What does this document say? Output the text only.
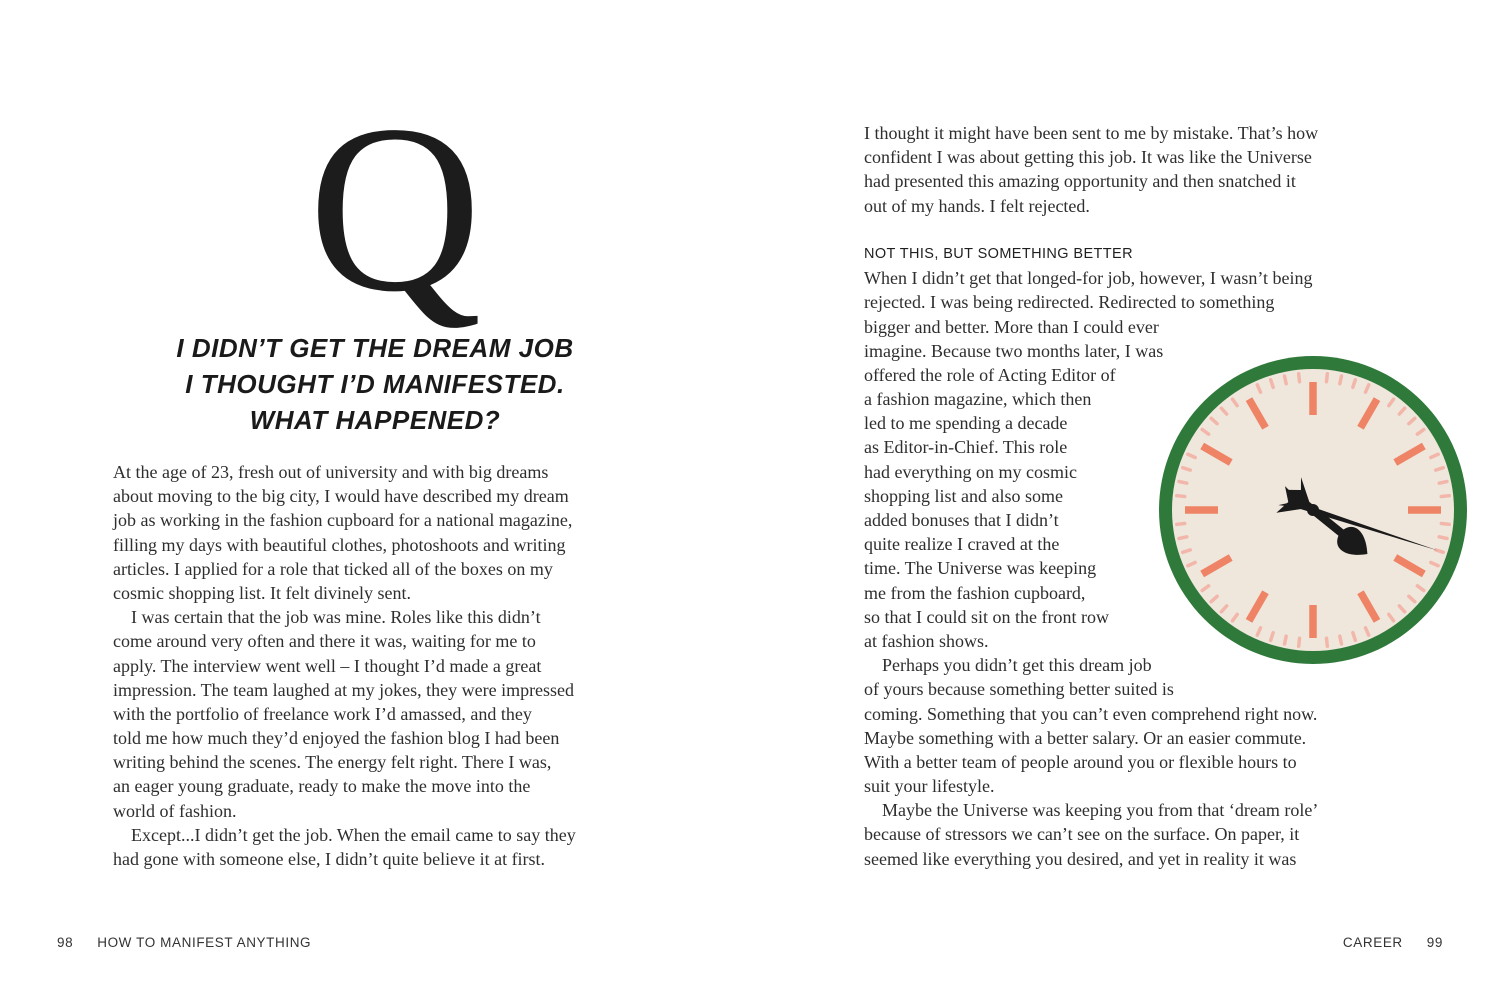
Q
I DIDN’T GET THE DREAM JOB
I THOUGHT I’D MANIFESTED.
WHAT HAPPENED?
At the age of 23, fresh out of university and with big dreams
about moving to the big city, I would have described my dream
job as working in the fashion cupboard for a national magazine,
filling my days with beautiful clothes, photoshoots and writing
articles. I applied for a role that ticked all of the boxes on my
cosmic shopping list. It felt divinely sent.
I was certain that the job was mine. Roles like this didn’t
come around very often and there it was, waiting for me to
apply. The interview went well – I thought I’d made a great
impression. The team laughed at my jokes, they were impressed
with the portfolio of freelance work I’d amassed, and they
told me how much they’d enjoyed the fashion blog I had been
writing behind the scenes. The energy felt right. There I was,
an eager young graduate, ready to make the move into the
world of fashion.
Except...I didn’t get the job. When the email came to say they
had gone with someone else, I didn’t quite believe it at first.
98 HOW TO MANIFEST ANYTHING
I thought it might have been sent to me by mistake. That’s how
confident I was about getting this job. It was like the Universe
had presented this amazing opportunity and then snatched it
out of my hands. I felt rejected.
NOT THIS, BUT SOMETHING BETTER
When I didn’t get that longed-for job, however, I wasn’t being
rejected. I was being redirected. Redirected to something
bigger and better. More than I could ever
imagine. Because two months later, I was
offered the role of Acting Editor of
a fashion magazine, which then
led to me spending a decade
as Editor-in-Chief. This role
had everything on my cosmic
shopping list and also some
added bonuses that I didn’t
quite realize I craved at the
time. The Universe was keeping
me from the fashion cupboard,
so that I could sit on the front row
at fashion shows.
Perhaps you didn’t get this dream job
of yours because something better suited is
coming. Something that you can’t even comprehend right now.
Maybe something with a better salary. Or an easier commute.
With a better team of people around you or flexible hours to
suit your lifestyle.
Maybe the Universe was keeping you from that ‘dream role’
because of stressors we can’t see on the surface. On paper, it
seemed like everything you desired, and yet in reality it was
CAREER 99
